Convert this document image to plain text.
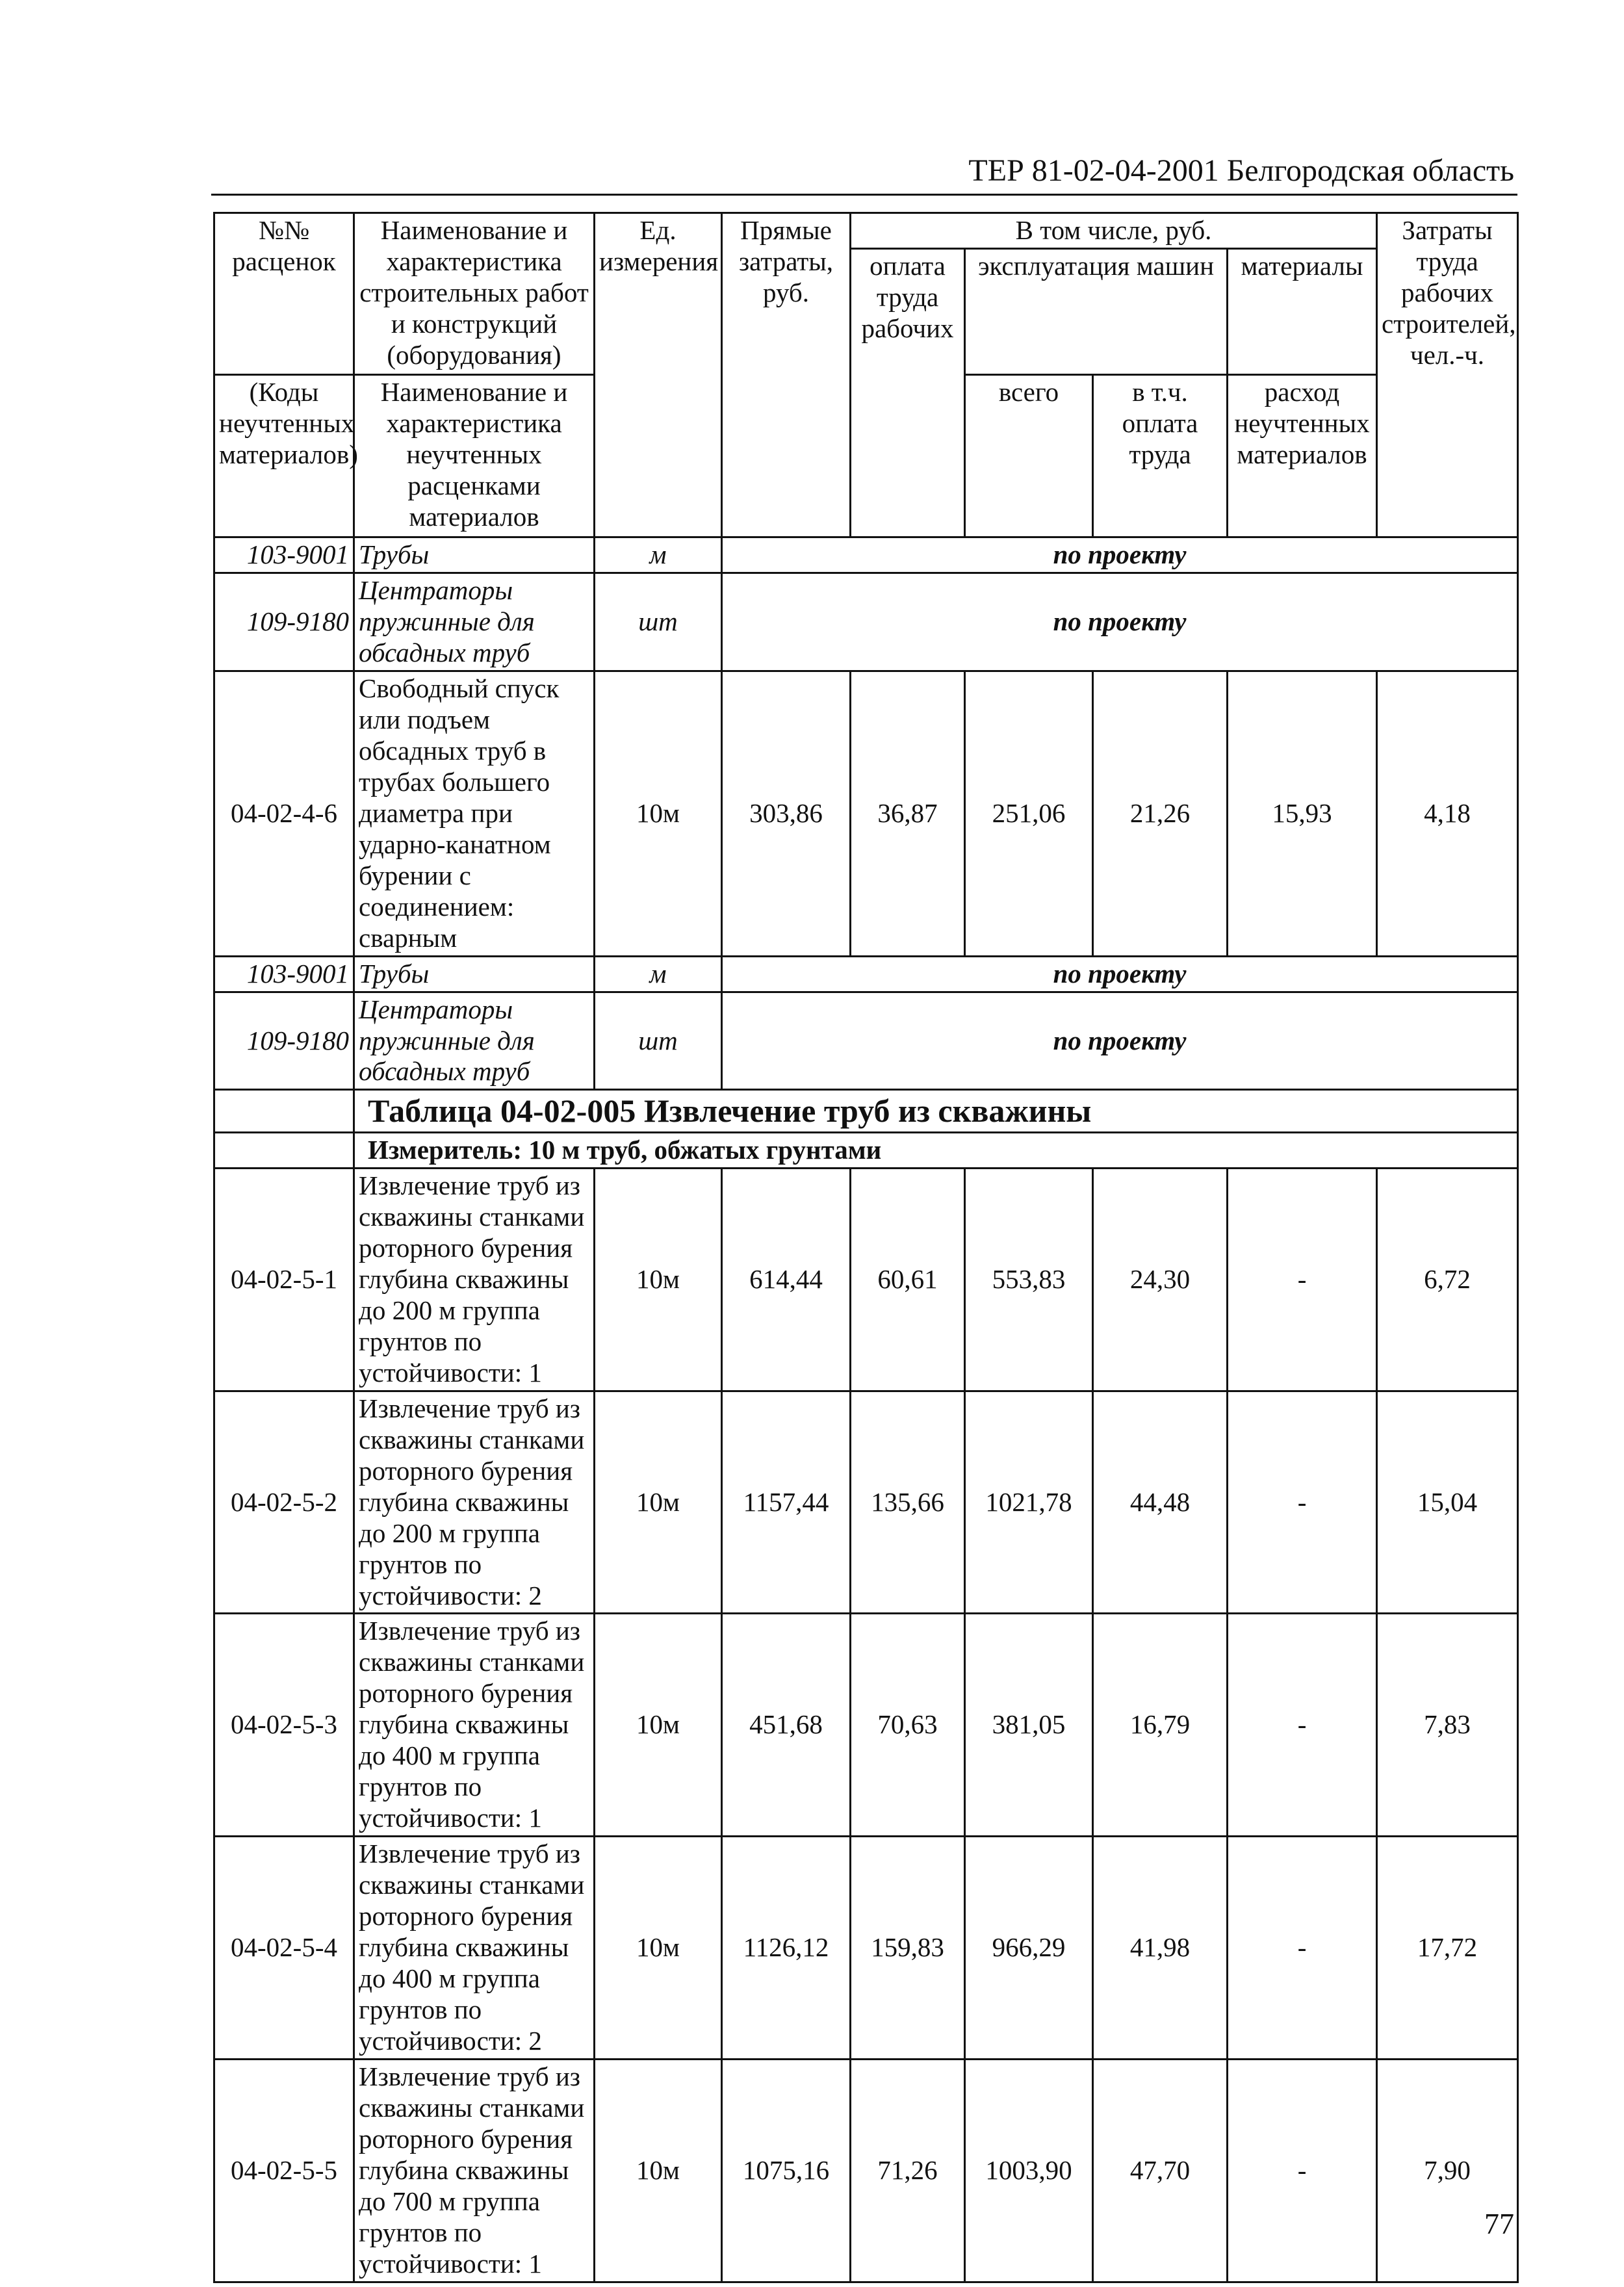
ТЕР 81-02-04-2001 Белгородская область
№№ расценок	Наименование и характеристика строительных работ и конструкций (оборудования)	Ед. измерения	Прямые затраты, руб.	В том числе, руб.				Затраты труда рабочих строителей, чел.-ч.
				оплата труда рабочих	эксплуатация машин		материалы	
(Коды неучтенных материалов)	Наименование и характеристика неучтенных расценками материалов				всего	в т.ч. оплата труда	расход неучтенных материалов	
103-9001	Трубы	м	по проекту					
109-9180	Центраторы пружинные для обсадных труб	шт	по проекту					
04-02-4-6	Свободный спуск или подъем обсадных труб в трубах большего диаметра при ударно-канатном бурении с соединением: сварным	10м	303,86	36,87	251,06	21,26	15,93	4,18
103-9001	Трубы	м	по проекту					
109-9180	Центраторы пружинные для обсадных труб	шт	по проекту					
	Таблица 04-02-005 Извлечение труб из скважины							
	Измеритель: 10 м труб, обжатых грунтами							
04-02-5-1	Извлечение труб из скважины станками роторного бурения глубина скважины до 200 м группа грунтов по устойчивости: 1	10м	614,44	60,61	553,83	24,30	-	6,72
04-02-5-2	Извлечение труб из скважины станками роторного бурения глубина скважины до 200 м группа грунтов по устойчивости: 2	10м	1157,44	135,66	1021,78	44,48	-	15,04
04-02-5-3	Извлечение труб из скважины станками роторного бурения глубина скважины до 400 м группа грунтов по устойчивости: 1	10м	451,68	70,63	381,05	16,79	-	7,83
04-02-5-4	Извлечение труб из скважины станками роторного бурения глубина скважины до 400 м группа грунтов по устойчивости: 2	10м	1126,12	159,83	966,29	41,98	-	17,72
04-02-5-5	Извлечение труб из скважины станками роторного бурения глубина скважины до 700 м группа грунтов по устойчивости: 1	10м	1075,16	71,26	1003,90	47,70	-	7,90
77
